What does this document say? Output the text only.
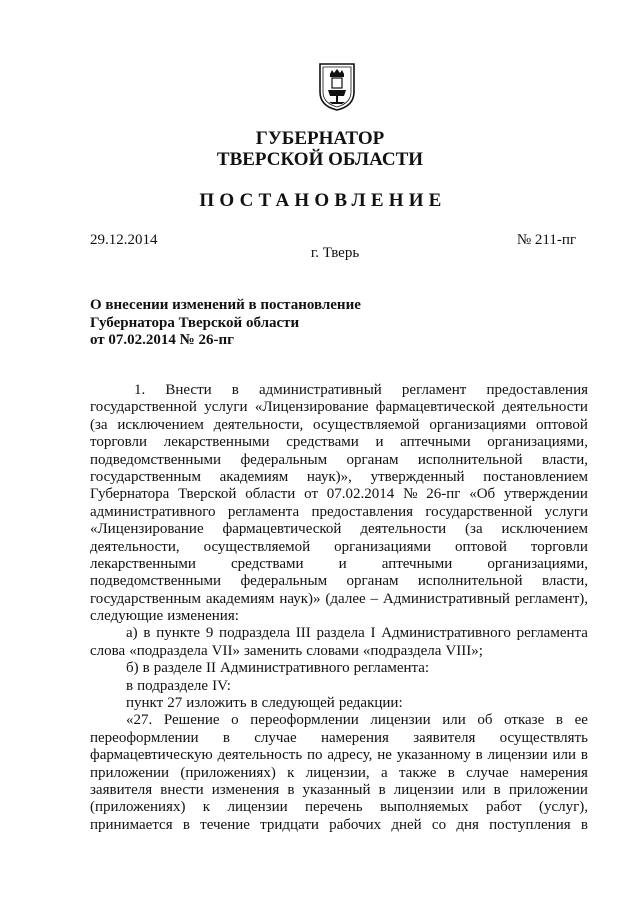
ГУБЕРНАТОР
ТВЕРСКОЙ ОБЛАСТИ
ПОСТАНОВЛЕНИЕ
29.12.2014	№ 211-пг
г. Тверь
О внесении изменений в постановление
Губернатора Тверской области
от 07.02.2014 № 26-пг
1. Внести в административный регламент предоставления
государственной услуги «Лицензирование фармацевтической деятельности
(за исключением деятельности, осуществляемой организациями оптовой
торговли лекарственными средствами и аптечными организациями,
подведомственными федеральным органам исполнительной власти,
государственным академиям наук)», утвержденный постановлением
Губернатора Тверской области от 07.02.2014 № 26-пг «Об утверждении
административного регламента предоставления государственной услуги
«Лицензирование фармацевтической деятельности (за исключением
деятельности, осуществляемой организациями оптовой торговли
лекарственными средствами и аптечными организациями,
подведомственными федеральным органам исполнительной власти,
государственным академиям наук)» (далее – Административный регламент),
следующие изменения:
а) в пункте 9 подраздела III раздела I Административного регламента
слова «подраздела VII» заменить словами «подраздела VIII»;
б) в разделе II Административного регламента:
в подразделе IV:
пункт 27 изложить в следующей редакции:
«27. Решение о переоформлении лицензии или об отказе в ее
переоформлении в случае намерения заявителя осуществлять
фармацевтическую деятельность по адресу, не указанному в лицензии или в
приложении (приложениях) к лицензии, а также в случае намерения
заявителя внести изменения в указанный в лицензии или в приложении
(приложениях) к лицензии перечень выполняемых работ (услуг),
принимается в течение тридцати рабочих дней со дня поступления в
